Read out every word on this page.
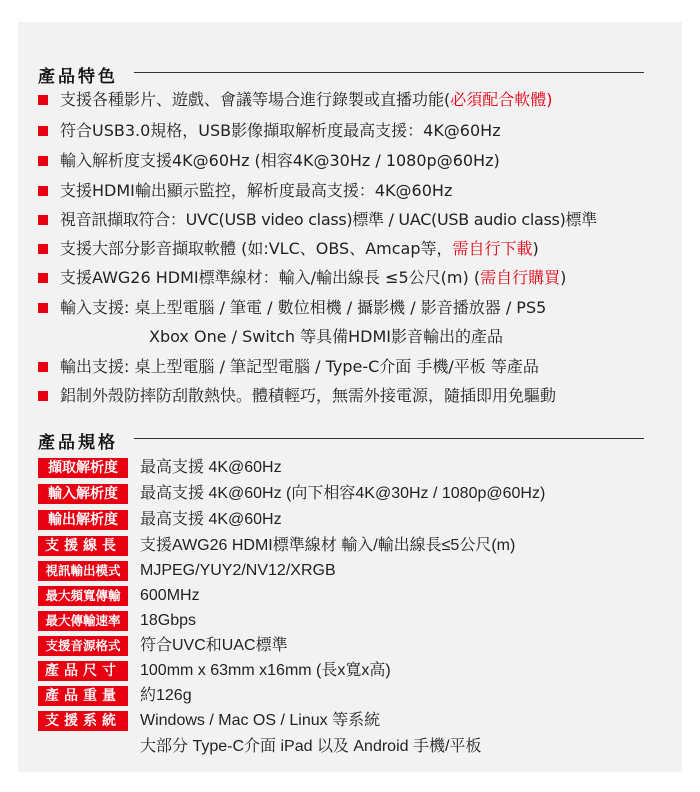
產品特色
支援各種影片、遊戲、會議等場合進行錄製或直播功能(必須配合軟體)
符合USB3.0規格，USB影像擷取解析度最高支援：4K@60Hz
輸入解析度支援4K@60Hz (相容4K@30Hz / 1080p@60Hz)
支援HDMI輸出顯示監控，解析度最高支援：4K@60Hz
視音訊擷取符合：UVC(USB video class)標準 / UAC(USB audio class)標準
支援大部分影音擷取軟體 (如:VLC、OBS、Amcap等，需自行下載)
支援AWG26 HDMI標準線材：輸入/輸出線長 ≤5公尺(m) (需自行購買)
輸入支援: 桌上型電腦 / 筆電 / 數位相機 / 攝影機 / 影音播放器 / PS5
Xbox One / Switch 等具備HDMI影音輸出的產品
輸出支援: 桌上型電腦 / 筆記型電腦 / Type-C介面 手機/平板 等產品
鋁制外殼防摔防刮散熱快。體積輕巧，無需外接電源，隨插即用免驅動
產品規格
擷取解析度	最高支援 4K@60Hz
輸入解析度	最高支援 4K@60Hz (向下相容4K@30Hz / 1080p@60Hz)
輸出解析度	最高支援 4K@60Hz
支援線長	支援AWG26 HDMI標準線材 輸入/輸出線長≤5公尺(m)
視訊輸出模式	MJPEG/YUY2/NV12/XRGB
最大頻寬傳輸	600MHz
最大傳輸速率	18Gbps
支援音源格式	符合UVC和UAC標準
產品尺寸	100mm x 63mm x16mm (長x寬x高)
產品重量	約126g
支援系統	Windows / Mac OS / Linux 等系統
大部分 Type-C介面 iPad 以及 Android 手機/平板
